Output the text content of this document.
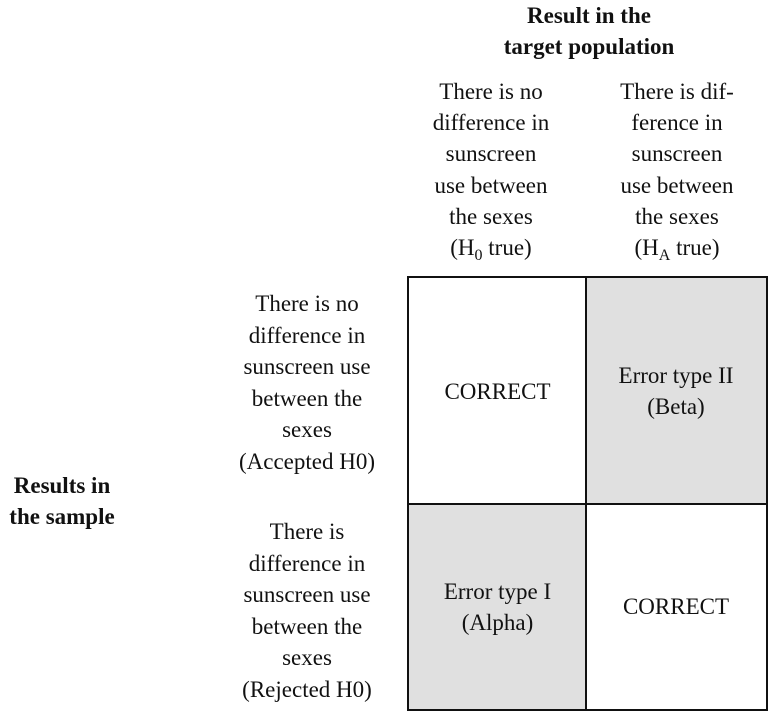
Result in the
target population
Results in
the sample
There is no
difference in
sunscreen
use between
the sexes
($H_0$ true)
There is dif-
ference in
sunscreen
use between
the sexes
($H_A$ true)
There is no
difference in
sunscreen use
between the
sexes
(Accepted H0)
There is
difference in
sunscreen use
between the
sexes
(Rejected H0)
CORRECT
Error type II
(Beta)
Error type I
(Alpha)
CORRECT
